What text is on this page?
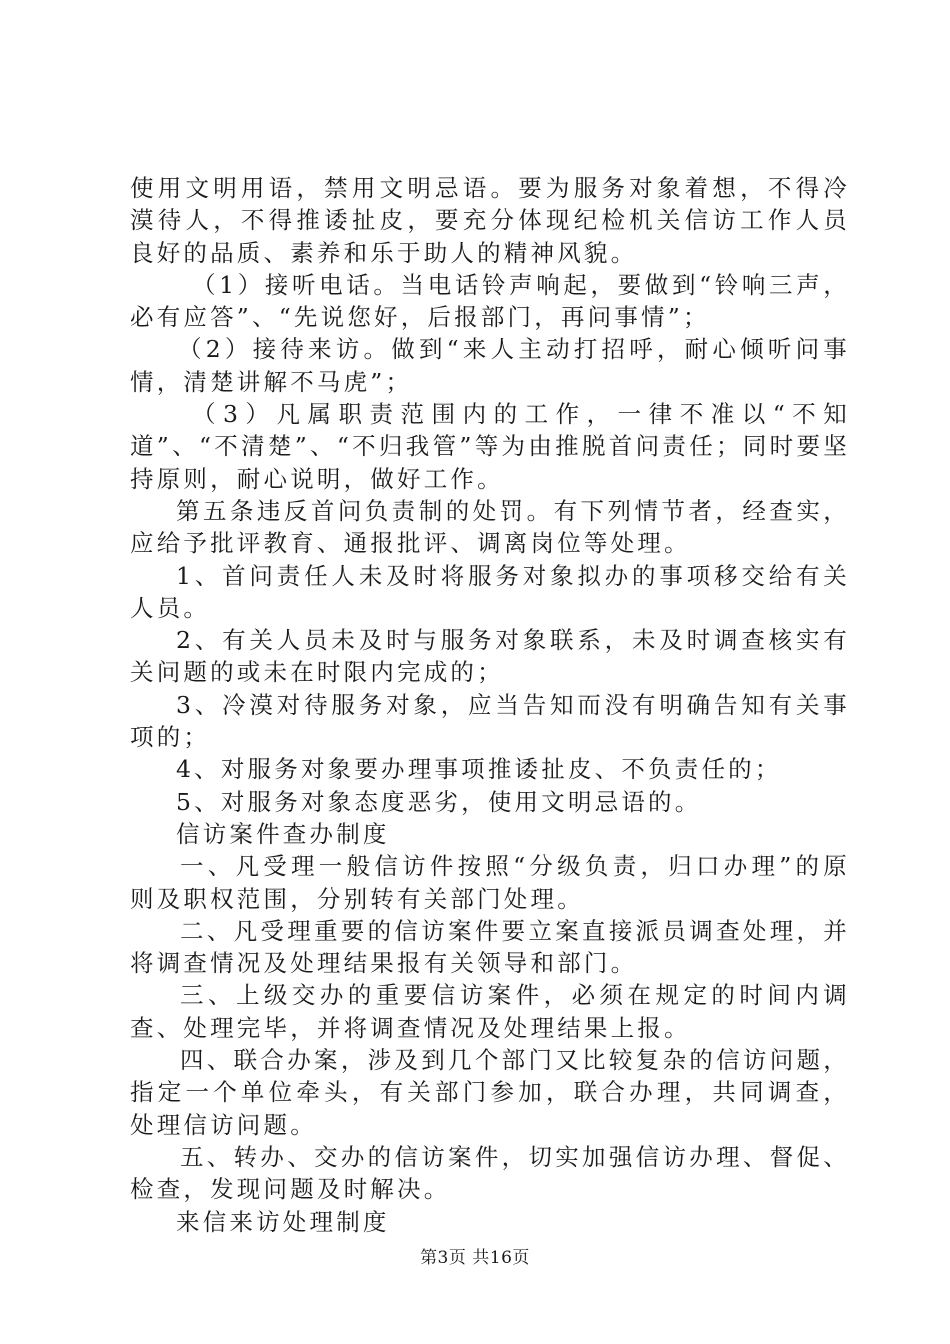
使用文明用语，禁用文明忌语。要为服务对象着想，不得冷漠待人，不得推诿扯皮，要充分体现纪检机关信访工作人员良好的品质、素养和乐于助人的精神风貌。

（1）接听电话。当电话铃声响起，要做到“铃响三声，必有应答”、“先说您好，后报部门，再问事情”；

（2）接待来访。做到“来人主动打招呼，耐心倾听问事情，清楚讲解不马虎”；

（3）凡属职责范围内的工作，一律不准以“不知道”、“不清楚”、“不归我管”等为由推脱首问责任；同时要坚持原则，耐心说明，做好工作。

第五条违反首问负责制的处罚。有下列情节者，经查实，应给予批评教育、通报批评、调离岗位等处理。

1、首问责任人未及时将服务对象拟办的事项移交给有关人员。

2、有关人员未及时与服务对象联系，未及时调查核实有关问题的或未在时限内完成的；

3、冷漠对待服务对象，应当告知而没有明确告知有关事项的；

4、对服务对象要办理事项推诿扯皮、不负责任的；

5、对服务对象态度恶劣，使用文明忌语的。

信访案件查办制度

一、凡受理一般信访件按照“分级负责，归口办理”的原则及职权范围，分别转有关部门处理。

二、凡受理重要的信访案件要立案直接派员调查处理，并将调查情况及处理结果报有关领导和部门。

三、上级交办的重要信访案件，必须在规定的时间内调查、处理完毕，并将调查情况及处理结果上报。

四、联合办案，涉及到几个部门又比较复杂的信访问题，指定一个单位牵头，有关部门参加，联合办理，共同调查，处理信访问题。

五、转办、交办的信访案件，切实加强信访办理、督促、检查，发现问题及时解决。

来信来访处理制度

第3页 共16页
